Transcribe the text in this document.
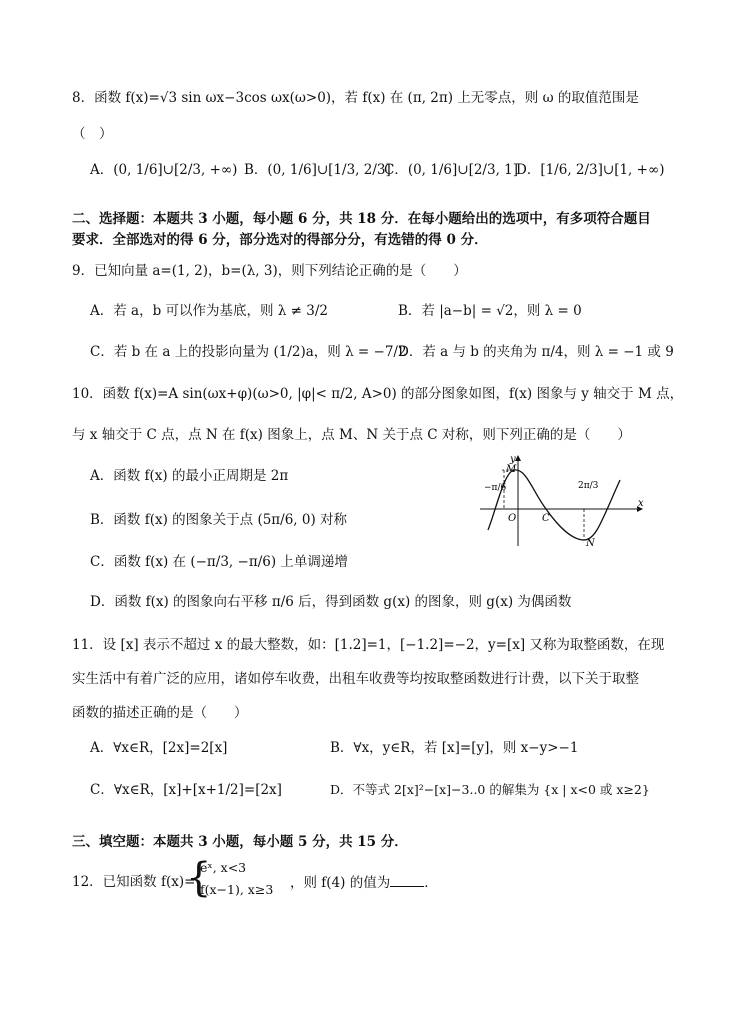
8．函数 f(x)=√3 sin ωx−3cos ωx(ω>0)，若 f(x) 在 (π, 2π) 上无零点，则 ω 的取值范围是
（　）
A．(0, 1/6]∪[2/3, +∞) B．(0, 1/6]∪[1/3, 2/3]
C．(0, 1/6]∪[2/3, 1]
D．[1/6, 2/3]∪[1, +∞)
二、选择题：本题共 3 小题，每小题 6 分，共 18 分．在每小题给出的选项中，有多项符合题目
要求．全部选对的得 6 分，部分选对的得部分分，有选错的得 0 分．
9．已知向量 a=(1, 2)，b=(λ, 3)，则下列结论正确的是（　　）
A．若 a，b 可以作为基底，则 λ ≠ 3/2	B．若 |a−b| = √2，则 λ = 0
C．若 b 在 a 上的投影向量为 (1/2)a，则 λ = −7/2
D．若 a 与 b 的夹角为 π/4，则 λ = −1 或 9
10．函数 f(x)=A sin(ωx+φ)(ω>0, |φ|< π/2, A>0) 的部分图象如图，f(x) 图象与 y 轴交于 M 点，
与 x 轴交于 C 点，点 N 在 f(x) 图象上，点 M、N 关于点 C 对称，则下列正确的是（　　）
A．函数 f(x) 的最小正周期是 2π
B．函数 f(x) 的图象关于点 (5π/6, 0) 对称
C．函数 f(x) 在 (−π/3, −π/6) 上单调递增
D．函数 f(x) 的图象向右平移 π/6 后，得到函数 g(x) 的图象，则 g(x) 为偶函数
y
x
O
M
C
N
−π/6	2π/3
11．设 [x] 表示不超过 x 的最大整数，如：[1.2]=1，[−1.2]=−2，y=[x] 又称为取整函数，在现
实生活中有着广泛的应用，诸如停车收费，出租车收费等均按取整函数进行计费，以下关于取整
函数的描述正确的是（　　）
A．∀x∈R，[2x]=2[x]	B．∀x，y∈R，若 [x]=[y]，则 x−y>−1
C．∀x∈R，[x]+[x+1/2]=[2x]	D．不等式 2[x]²−[x]−3..0 的解集为 {x | x<0 或 x≥2}
三、填空题：本题共 3 小题，每小题 5 分，共 15 分．
12．已知函数 f(x)=
{
eˣ, x<3
f(x−1), x≥3 ，则 f(4) 的值为	．
